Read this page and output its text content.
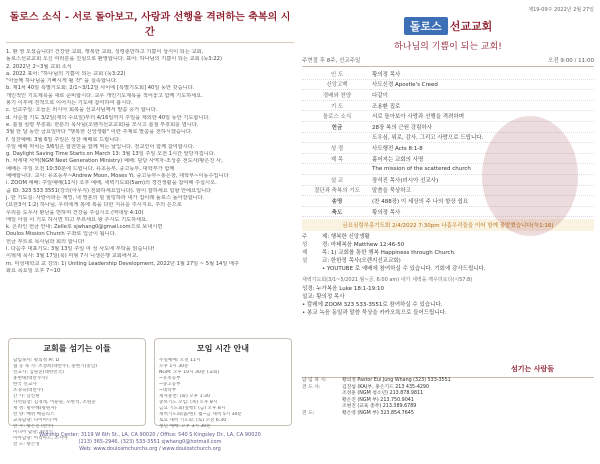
돌로스 소식 - 서로 돌아보고, 사랑과 선행을 격려하는 축복의 시간

1. 환 영 오셨습니다! 건강한 교회, 행복한 교회, 성령충만하고 기쁨이 상식이 되는 교회,

돌로스선교교회 오신 여러분을 진심으로 환영합니다. 표어: 하나님의 기쁨이 되는 교회 (눅3:22)

2. 2022년 2~3월 교회 소식

a. 2022 표어: "하나님의 기쁨이 되는 교회 (눅3:22)

"아들께 하나님을 기뻐시게 될 것" 을 실족합니다.

b. 제1차 40일 특별기도회: 2/1~3/12일 사이에 [특별기도회] 40일 동안 갖습니다.

개인적인 기도제목을 새로 준비합시다. 교우 개인기도제목을 적어놓고 함께 기도하세요.

봉기 이후에 전적으로 이어지는 기도에 참여하여 봅시다.

c. 선교주일: 오늘은 러시아 회복을 선교사님께서 말씀 증거 합니다.

d. 사순절 기도 3/2일(재의 수요일)부터 4/16일까지 주일을 제외한 40일 동안 기도합니다.

e. 봄철 심령 부흥회: 한분의 목사님(오렌지선교교회)을 모시고 봄철 부흥회를 엽니다.

3월 한 달 동안 금요일마다 "행복한 신앙생활" 이란 주제로 말씀을 전하시겠습니다.

f. 성찬예배: 3월 6일 주일은 성찬 예배로 드립니다.

주일 예배 마치는 3/6일은 합찬만을 함께 먹는 날입니다. 전교인이 함께 참여합시다.

g. Daylight Saving Time Starts on March 13: 3월 13일 주일 오전 1시간 앞당겨집니다.

h. 차세대 사역(NGM Next Generation Ministry) 예배: 담당 사역자-조성훈 전도사/황은진 사,

예배는 주일 오전 10:30분에 드립니다. 유초등부, 중고등부, 대학부가 함께

예배합니다. 교사: 유초등부~Andrew Moon, Moses Yi, 중고등부~홍은창, 대학부~이동수입니다

i. ZOOM 예배: 주일예배(11시) 오후 예배, 새벽기도회(5am)의 경건생활을 참여해 주십시오.

줌 ID: 323 533 3551(강의(아무식) 전화하세요입니다). 암이 잘하세요 힘할 안에요입니다

j. 한 기도실: 사랑이라는 재밍, 내 영혼의 힐 힐링하라 내가 집이래 돌로스 돌아갈합니다.

(요한3서 1:2) 하나님, 우리에게 복에 복을 다한 지유를 주시지요, 주의 은으로

우리를 도우사 환난을 면하며 건강을 주십시오 (역대상 4:10)

매일 아침 이 기도 하시면 하고 부르세요 왕 주시도 기도하세요.

k. 온라인 헌금 안내: Zelle로 sjwhang0@gmail.com으로 보내시면

Doulos Mission Church 구좌로 입금이 됩니다.

헌금 부트로 목사님과 회의 합니다!

l. 다음주 대표기도: 3월 13일 주일 여 성 사도에 부탁을 읽습니다!

이혁재 목사: 3월 17일(목) 미형 7시 니생은행 교회에서교.

m. 미성대학교 교 강의: 1) Uniting Leadership Development, 2022년 1월 27일 ~ 5월 14일 매주

화요 목요일 오후 7~10

교회를 섬기는 이들
담임목사: 황의정 Pr. D
협 동 목 사: 조성희(대만주), 홍현기(중남)
선교사: 김원준(대한민국)
홍현태(대만주사)
한국 선교사
조경숙(대만주)
간 사: 남신원
사역팀장: 김경래, 이순순, 모한석, 조원준
재 정: 황수혜(황원자)
찬 양: 매쉬 메들리스
교육담당: 다이아나 마
반 주: 황은진 (반주)
미디어 담당: 최영인
미아담당: 아리아드, 조시아
전 도: 황은영
모임 시간 안내
주일예배: 오전 11시
오후 1시 30분
NGM: 오후 10시 30분 (교회)
~유초등부
~중고등부
~대학부
제자훈련: (화) 오후 1:30
중보기도 모임: (목) 오후 8시
금요 기도회(실행): (금) 오후 8시
새벽기도회(줌/현): 월~금 새벽 5시 30분
토요 새벽 기도회: (토) 오전 6:30
청년 예배: 오후 3시 30분
Worship Center: 3119 W 6th St., LA, CA 90020 / Office: 540 S Kingsley Dr., LA, CA 90020
(213) 365-2946, (323) 533-3551 sjwhang0@hotmail.com
Web: www.doulosmchurchs.org / www.doulostchurch.org
제19-09주 2022년 2월 27일
돌로스 선교교회
하나님의 기쁨이 되는 교회!
주현절 후 8주, 선교주일	오전 9:00 / 11:00
인 도	황의정 목사
신앙고백	사도신경 Apostle's Creed
경배와 찬양	다같이
기 도	조용환 집로
돌로스 소식	서로 돌아보아 사랑과 선행을 격려하며
헌금	28장 복의 근원 강림하사
도우심, 위로, 감사, 그리고 사랑으로 드립니다.
성 경	사도행전 Acts 8:1-8
제 목	흩어지는 교회의 사명
The mission of the scattered church
설 교	장석진 목사(러시아 선교사)
결단과 축복의 기도	말씀을 묵상하고
송영	(찬 488장) 이 세상의 주 나의 항상 쉽요
축도	황의정 목사
금요심령부흥기도회 2/4/2022 7:30pm 나흠우리들을 이어 함께 출발했습니다(눅1:16)
주	제: 행복한 신앙생활
성	경: 마태복음 Matthew 12:46-50
제	목: 1) 교회를 통한 행복 Happiness through Church.
설	교: 한한정 목사(오렌지선교교회)
• YOUTUBE 로 예배에 참여하실 수 있습니다. 기회에 감사드립니다.
새벽기도회(3/1~5/2021 월~금, 6:00 am) 내가 새벽을 깨우리로다(시57:8)
성경: 누가복음 Luke 18:1-19:10
설교: 황의정 목사
• 칼레에 ZOOM 323 533-3551로 참여하실 수 있습니다.
• 봉교 녹음 동일과 말씀 묵상을 카카오톡으로 들어드립니다.
섬기는 사람들
담 임 목 사:	황의정 Pastor Eui Jung Whang (323) 533-3551
전 도 사:	김진섭 (KA)부, 홍은기드 213 435-4290
조성훈 (NGM 청소년) 213.878.9811
황은진 (NGM 부) 213.750.9041
조현진 (교육 총무) 213.389.6789
전 도:	황은영 (NGM 부) 323.854.7645
